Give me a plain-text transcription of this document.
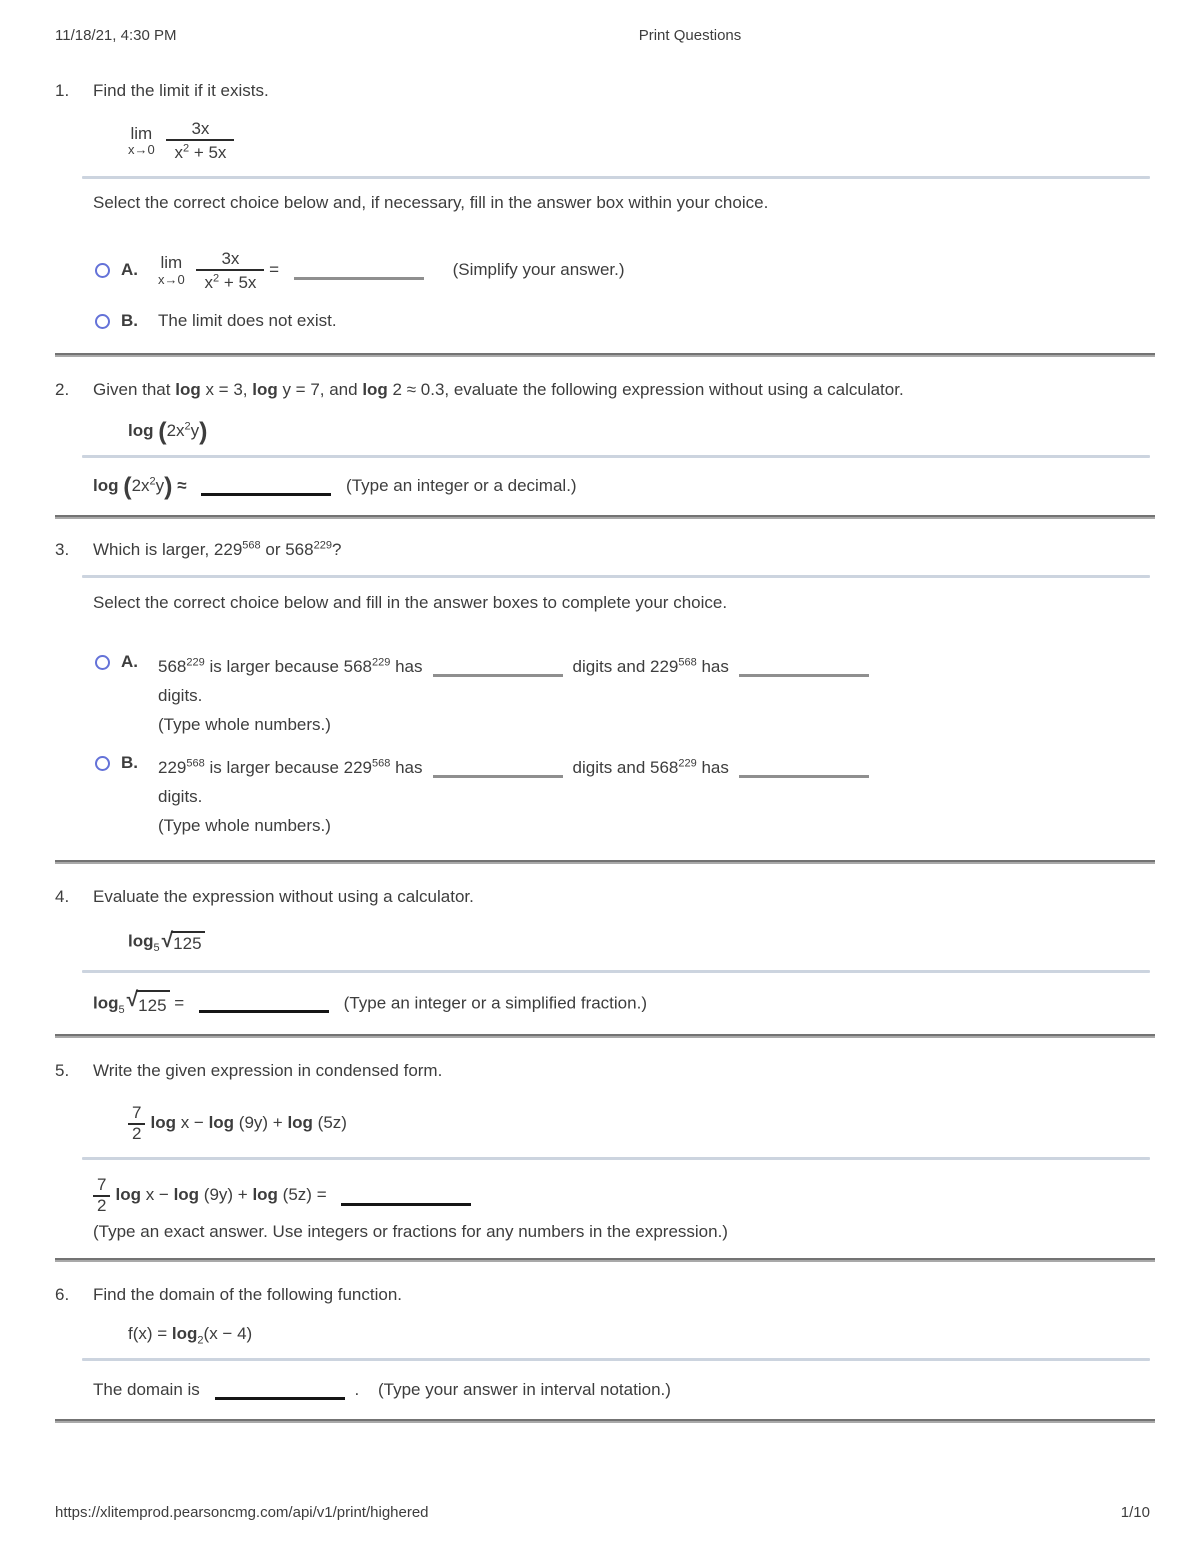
11/18/21, 4:30 PM	Print Questions
1.	Find the limit if it exists.
lim
x→0
$\frac{3x}{x^2 + 5x}$
Select the correct choice below and, if necessary, fill in the answer box within your choice.
A.	lim
x→0
$\frac{3x}{x^2 + 5x}$ =	(Simplify your answer.)
B.	The limit does not exist.
2.	Given that log x = 3, log y = 7, and log 2 ≈ 0.3, evaluate the following expression without using a calculator.
$\log (2x^2y)$
$\log (2x^2y)$ ≈	(Type an integer or a decimal.)
3.	Which is larger, $229^{568}$ or $568^{229}$?
Select the correct choice below and fill in the answer boxes to complete your choice.
A.	$568^{229}$ is larger because $568^{229}$ has	digits and $229^{568}$ has
digits.
(Type whole numbers.)
B.	$229^{568}$ is larger because $229^{568}$ has	digits and $568^{229}$ has
digits.
(Type whole numbers.)
4.	Evaluate the expression without using a calculator.
$\log_5$ √ 125
$\log_5$ √ 125 =	(Type an integer or a simplified fraction.)
5.	Write the given expression in condensed form.
$\frac{7}{2}$ log x − log (9y) + log (5z)
$\frac{7}{2}$ log x − log (9y) + log (5z) =
(Type an exact answer. Use integers or fractions for any numbers in the expression.)
6.	Find the domain of the following function.
$f(x) = \log_2(x - 4)$
The domain is	. (Type your answer in interval notation.)
https://xlitemprod.pearsoncmg.com/api/v1/print/highered	1/10
